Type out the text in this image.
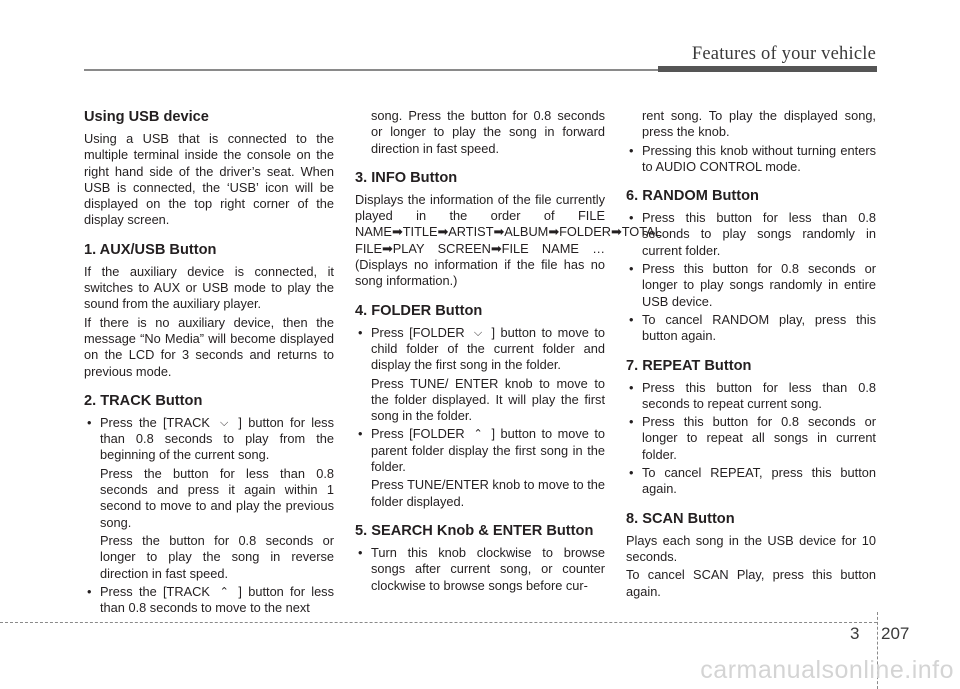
Features of your vehicle
Using USB device

Using a USB that is connected to the multiple terminal inside the console on the right hand side of the driver’s seat. When USB is connected, the ‘USB’ icon will be displayed on the top right corner of the display screen.

1. AUX/USB Button

If the auxiliary device is connected, it switches to AUX or USB mode to play the sound from the auxiliary player.

If there is no auxiliary device, then the message “No Media” will become displayed on the LCD for 3 seconds and returns to previous mode.

2. TRACK Button
• Press the [TRACK ⌵ ] button for less than 0.8 seconds to play from the beginning of the current song.

Press the button for less than 0.8 seconds and press it again within 1 second to move to and play the previous song.

Press the button for 0.8 seconds or longer to play the song in reverse direction in fast speed.

• Press the [TRACK ⌃ ] button for less than 0.8 seconds to move to the next

song. Press the button for 0.8 seconds or longer to play the song in forward direction in fast speed.

3. INFO Button

Displays the information of the file currently played in the order of FILE NAME➡TITLE➡ARTIST➡ALBUM➡FOLDER➡TOTAL FILE➡PLAY SCREEN➡FILE NAME … (Displays no information if the file has no song information.)

4. FOLDER Button
• Press [FOLDER ⌵ ] button to move to child folder of the current folder and display the first song in the folder.

Press TUNE/ ENTER knob to move to the folder displayed. It will play the first song in the folder.

• Press [FOLDER ⌃ ] button to move to parent folder display the first song in the folder.

Press TUNE/ENTER knob to move to the folder displayed.

5. SEARCH Knob & ENTER Button
• Turn this knob clockwise to browse songs after current song, or counter clockwise to browse songs before cur-

rent song. To play the displayed song, press the knob.

• Pressing this knob without turning enters to AUDIO CONTROL mode.
6. RANDOM Button
• Press this button for less than 0.8 seconds to play songs randomly in current folder.
• Press this button for 0.8 seconds or longer to play songs randomly in entire USB device.
• To cancel RANDOM play, press this button again.
7. REPEAT Button
• Press this button for less than 0.8 seconds to repeat current song.
• Press this button for 0.8 seconds or longer to repeat all songs in current folder.
• To cancel REPEAT, press this button again.
8. SCAN Button

Plays each song in the USB device for 10 seconds.

To cancel SCAN Play, press this button again.

3 207
carmanualsonline.info
